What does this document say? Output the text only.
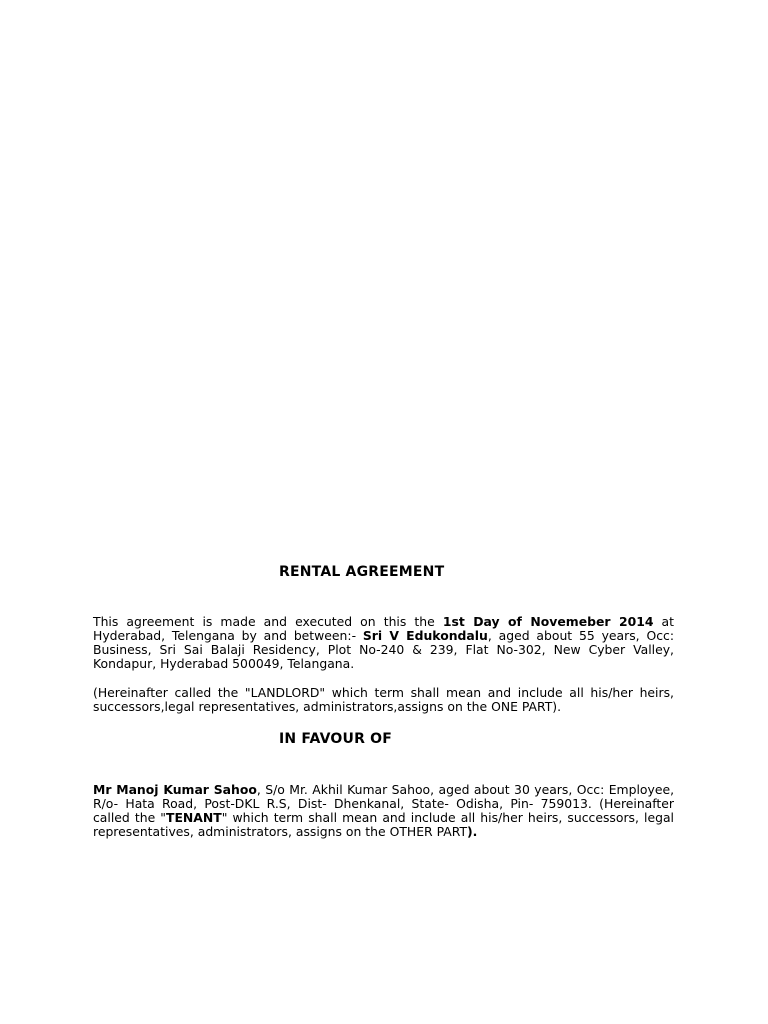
RENTAL AGREEMENT
This agreement is made and executed on this the 1st Day of Novemeber 2014 at Hyderabad, Telengana by and between:- Sri V Edukondalu, aged about 55 years, Occ: Business, Sri Sai Balaji Residency, Plot No-240 & 239, Flat No-302, New Cyber Valley, Kondapur, Hyderabad 500049, Telangana.
(Hereinafter called the "LANDLORD" which term shall mean and include all his/her heirs, successors,legal representatives, administrators,assigns on the ONE PART).
IN FAVOUR OF
Mr Manoj Kumar Sahoo, S/o Mr. Akhil Kumar Sahoo, aged about 30 years, Occ: Employee, R/o- Hata Road, Post-DKL R.S, Dist- Dhenkanal, State- Odisha, Pin- 759013. (Hereinafter called the "TENANT" which term shall mean and include all his/her heirs, successors, legal representatives, administrators, assigns on the OTHER PART).
